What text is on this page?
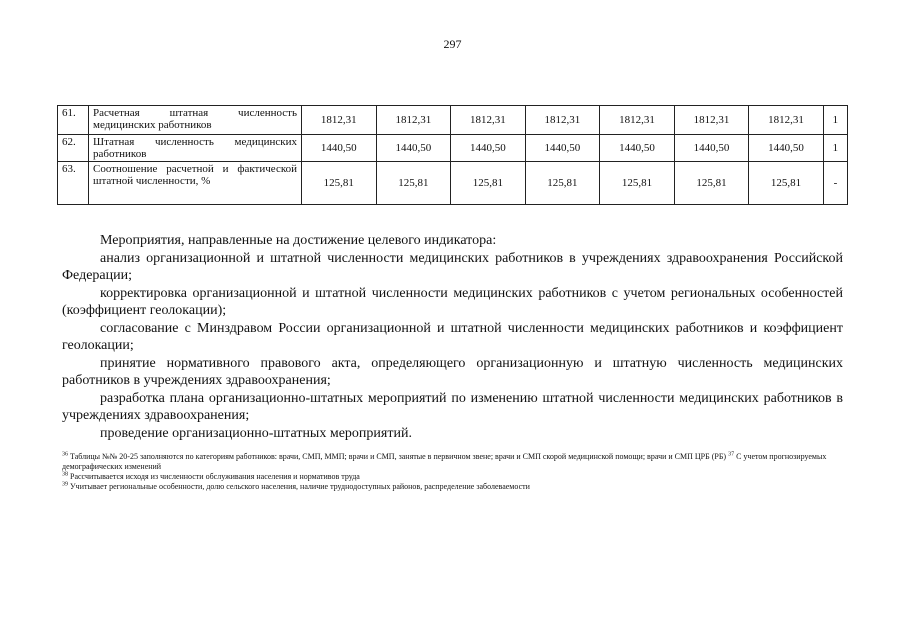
297
61.	Расчетная штатная численность медицинских работников	1812,31	1812,31	1812,31	1812,31	1812,31	1812,31	1812,31	1
62.	Штатная численность медицинских работников	1440,50	1440,50	1440,50	1440,50	1440,50	1440,50	1440,50	1
63.	Соотношение расчетной и фактической штатной численности, %	125,81	125,81	125,81	125,81	125,81	125,81	125,81	-

Мероприятия, направленные на достижение целевого индикатора:

анализ организационной и штатной численности медицинских работников в учреждениях здравоохранения Российской Федерации;

корректировка организационной и штатной численности медицинских работников с учетом региональных особенностей (коэффициент геолокации);

согласование с Минздравом России организационной и штатной численности медицинских работников и коэффициент геолокации;

принятие нормативного правового акта, определяющего организационную и штатную численность медицинских работников в учреждениях здравоохранения;

разработка плана организационно-штатных мероприятий по изменению штатной численности медицинских работников в учреждениях здравоохранения;

проведение организационно-штатных мероприятий.

$^{36}$ Таблицы №№ 20-25 заполняются по категориям работников: врачи, СМП, ММП; врачи и СМП, занятые в первичном звене; врачи и СМП скорой медицинской помощи; врачи и СМП ЦРБ (РБ) $^{37}$ С учетом прогнозируемых демографических изменений

$^{38}$ Рассчитывается исходя из численности обслуживания населения и нормативов труда

$^{39}$ Учитывает региональные особенности, долю сельского населения, наличие труднодоступных районов, распределение заболеваемости
